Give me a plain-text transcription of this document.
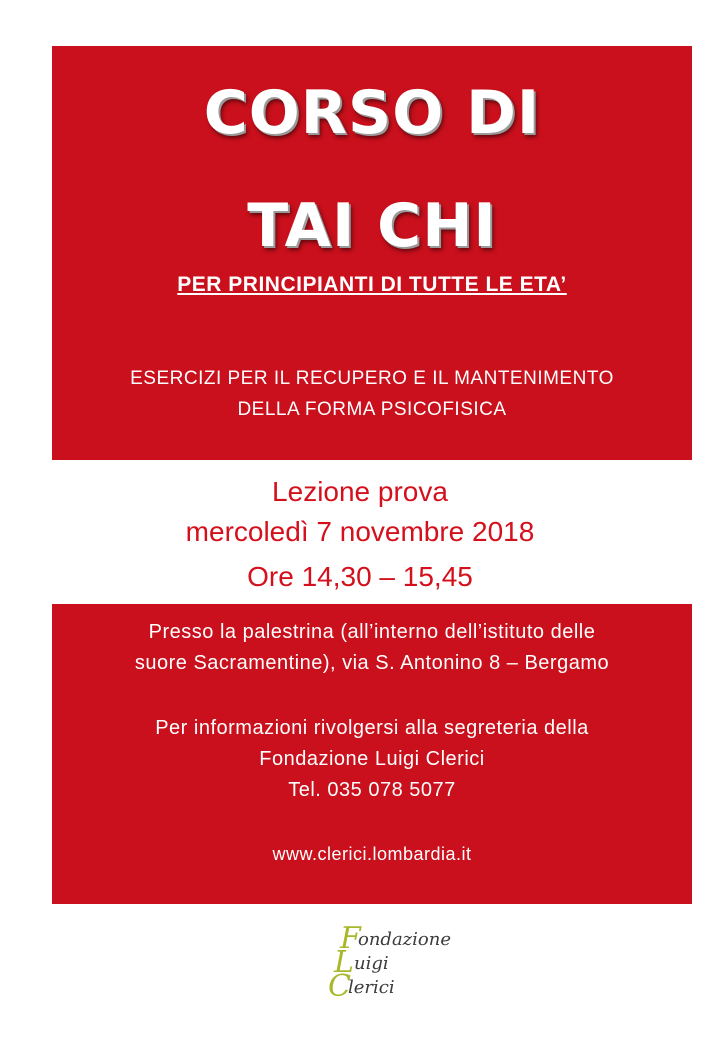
CORSO DI
TAI CHI
PER PRINCIPIANTI DI TUTTE LE ETA’
ESERCIZI PER IL RECUPERO E IL MANTENIMENTO
DELLA FORMA PSICOFISICA
Lezione prova
mercoledì 7 novembre 2018
Ore 14,30 – 15,45
Presso la palestrina (all’interno dell’istituto delle
suore Sacramentine), via S. Antonino 8 – Bergamo
Per informazioni rivolgersi alla segreteria della
Fondazione Luigi Clerici
Tel. 035 078 5077
www.clerici.lombardia.it
F
ondazione
L uigi
C
lerici
